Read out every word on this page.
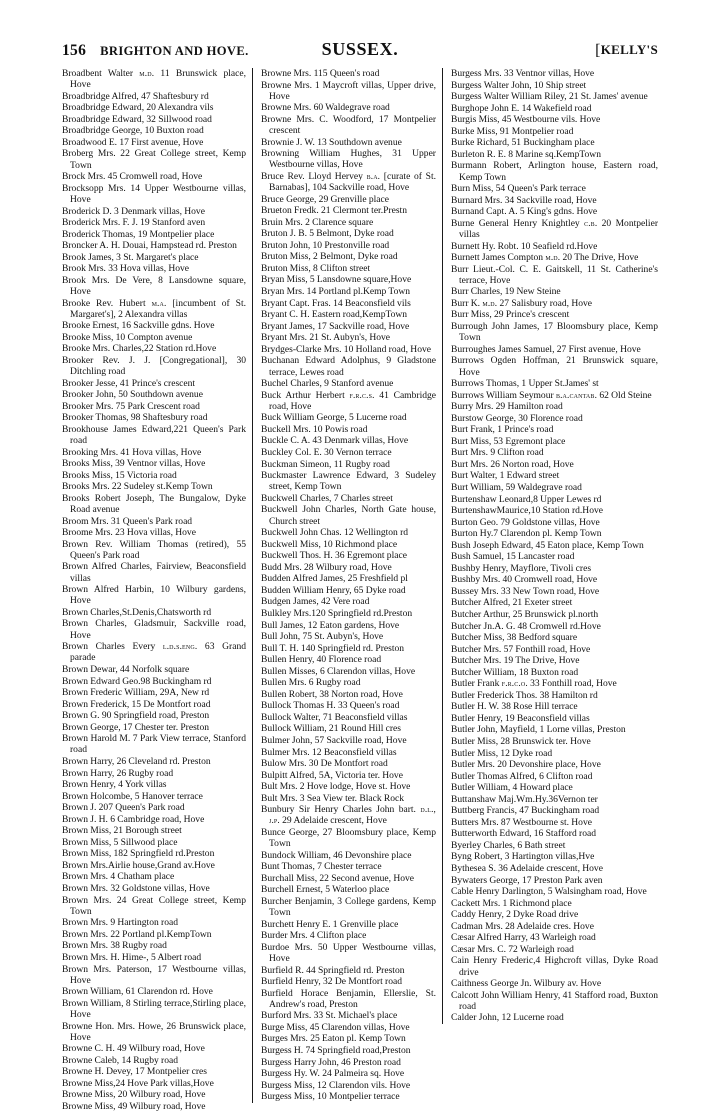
156 BRIGHTON AND HOVE.	SUSSEX.	[KELLY'S

Broadbent Walter m.d. 11 Brunswick place, Hove

Broadbridge Alfred, 47 Shaftesbury rd

Broadbridge Edward, 20 Alexandra vils

Broadbridge Edward, 32 Sillwood road

Broadbridge George, 10 Buxton road

Broadwood E. 17 First avenue, Hove

Broberg Mrs. 22 Great College street, Kemp Town

Brock Mrs. 45 Cromwell road, Hove

Brocksopp Mrs. 14 Upper Westbourne villas, Hove

Broderick D. 3 Denmark villas, Hove

Broderick Mrs. F. J. 19 Stanford aven

Broderick Thomas, 19 Montpelier place

Broncker A. H. Douai, Hampstead rd. Preston

Brook James, 3 St. Margaret's place

Brook Mrs. 33 Hova villas, Hove

Brook Mrs. De Vere, 8 Lansdowne square, Hove

Brooke Rev. Hubert m.a. [incumbent of St. Margaret's], 2 Alexandra villas

Brooke Ernest, 16 Sackville gdns. Hove

Brooke Miss, 10 Compton avenue

Brooke Mrs. Charles,22 Station rd.Hove

Brooker Rev. J. J. [Congregational], 30 Ditchling road

Brooker Jesse, 41 Prince's crescent

Brooker John, 50 Southdown avenue

Brooker Mrs. 75 Park Crescent road

Brooker Thomas, 98 Shaftesbury road

Brookhouse James Edward,221 Queen's Park road

Brooking Mrs. 41 Hova villas, Hove

Brooks Miss, 39 Ventnor villas, Hove

Brooks Miss, 15 Victoria road

Brooks Mrs. 22 Sudeley st.Kemp Town

Brooks Robert Joseph, The Bungalow, Dyke Road avenue

Broom Mrs. 31 Queen's Park road

Broome Mrs. 23 Hova villas, Hove

Brown Rev. William Thomas (retired), 55 Queen's Park road

Brown Alfred Charles, Fairview, Beaconsfield villas

Brown Alfred Harbin, 10 Wilbury gardens, Hove

Brown Charles,St.Denis,Chatsworth rd

Brown Charles, Gladsmuir, Sackville road, Hove

Brown Charles Every l.d.s.eng. 63 Grand parade

Brown Dewar, 44 Norfolk square

Brown Edward Geo.98 Buckingham rd

Brown Frederic William, 29A, New rd

Brown Frederick, 15 De Montfort road

Brown G. 90 Springfield road, Preston

Brown George, 17 Chester ter. Preston

Brown Harold M. 7 Park View terrace, Stanford road

Brown Harry, 26 Cleveland rd. Preston

Brown Harry, 26 Rugby road

Brown Henry, 4 York villas

Brown Holcombe, 5 Hanover terrace

Brown J. 207 Queen's Park road

Brown J. H. 6 Cambridge road, Hove

Brown Miss, 21 Borough street

Brown Miss, 5 Sillwood place

Brown Miss, 182 Springfield rd.Preston

Brown Mrs.Airlie house,Grand av.Hove

Brown Mrs. 4 Chatham place

Brown Mrs. 32 Goldstone villas, Hove

Brown Mrs. 24 Great College street, Kemp Town

Brown Mrs. 9 Hartington road

Brown Mrs. 22 Portland pl.KempTown

Brown Mrs. 38 Rugby road

Brown Mrs. H. Hime-, 5 Albert road

Brown Mrs. Paterson, 17 Westbourne villas, Hove

Brown William, 61 Clarendon rd. Hove

Brown William, 8 Stirling terrace,Stirling place, Hove

Browne Hon. Mrs. Howe, 26 Brunswick place, Hove

Browne C. H. 49 Wilbury road, Hove

Browne Caleb, 14 Rugby road

Browne H. Devey, 17 Montpelier cres

Browne Miss,24 Hove Park villas,Hove

Browne Miss, 20 Wilbury road, Hove

Browne Miss, 49 Wilbury road, Hove

Browne Mrs. 115 Queen's road

Browne Mrs. 1 Maycroft villas, Upper drive, Hove

Browne Mrs. 60 Waldegrave road

Browne Mrs. C. Woodford, 17 Montpelier crescent

Brownie J. W. 13 Southdown avenue

Browning William Hughes, 31 Upper Westbourne villas, Hove

Bruce Rev. Lloyd Hervey b.a. [curate of St. Barnabas], 104 Sackville road, Hove

Bruce George, 29 Grenville place

Brueton Fredk. 21 Clermont ter.Prestn

Bruin Mrs. 2 Clarence square

Bruton J. B. 5 Belmont, Dyke road

Bruton John, 10 Prestonville road

Bruton Miss, 2 Belmont, Dyke road

Bruton Miss, 8 Clifton street

Bryan Miss, 5 Lansdowne square,Hove

Bryan Mrs. 14 Portland pl.Kemp Town

Bryant Capt. Fras. 14 Beaconsfield vils

Bryant C. H. Eastern road,KempTown

Bryant James, 17 Sackville road, Hove

Bryant Mrs. 21 St. Aubyn's, Hove

Brydges-Clarke Mrs. 10 Holland road, Hove

Buchanan Edward Adolphus, 9 Gladstone terrace, Lewes road

Buchel Charles, 9 Stanford avenue

Buck Arthur Herbert f.r.c.s. 41 Cambridge road, Hove

Buck William George, 5 Lucerne road

Buckell Mrs. 10 Powis road

Buckle C. A. 43 Denmark villas, Hove

Buckley Col. E. 30 Vernon terrace

Buckman Simeon, 11 Rugby road

Buckmaster Lawrence Edward, 3 Sudeley street, Kemp Town

Buckwell Charles, 7 Charles street

Buckwell John Charles, North Gate house, Church street

Buckwell John Chas. 12 Wellington rd

Buckwell Miss, 10 Richmond place

Buckwell Thos. H. 36 Egremont place

Budd Mrs. 28 Wilbury road, Hove

Budden Alfred James, 25 Freshfield pl

Budden William Henry, 65 Dyke road

Budgen James, 42 Vere road

Bulkley Mrs.120 Springfield rd.Preston

Bull James, 12 Eaton gardens, Hove

Bull John, 75 St. Aubyn's, Hove

Bull T. H. 140 Springfield rd. Preston

Bullen Henry, 40 Florence road

Bullen Misses, 6 Clarendon villas, Hove

Bullen Mrs. 6 Rugby road

Bullen Robert, 38 Norton road, Hove

Bullock Thomas H. 33 Queen's road

Bullock Walter, 71 Beaconsfield villas

Bullock William, 21 Round Hill cres

Bulmer John, 57 Sackville road, Hove

Bulmer Mrs. 12 Beaconsfield villas

Bulow Mrs. 30 De Montfort road

Bulpitt Alfred, 5A, Victoria ter. Hove

Bult Mrs. 2 Hove lodge, Hove st. Hove

Bult Mrs. 3 Sea View ter. Black Rock

Bunbury Sir Henry Charles John bart. d.l., j.p. 29 Adelaide crescent, Hove

Bunce George, 27 Bloomsbury place, Kemp Town

Bundock William, 46 Devonshire place

Bunt Thomas, 7 Chester terrace

Burchall Miss, 22 Second avenue, Hove

Burchell Ernest, 5 Waterloo place

Burcher Benjamin, 3 College gardens, Kemp Town

Burchett Henry E. 1 Grenville place

Burder Mrs. 4 Clifton place

Burdoe Mrs. 50 Upper Westbourne villas, Hove

Burfield R. 44 Springfield rd. Preston

Burfield Henry, 32 De Montfort road

Burfield Horace Benjamin, Ellerslie, St. Andrew's road, Preston

Burford Mrs. 33 St. Michael's place

Burge Miss, 45 Clarendon villas, Hove

Burges Mrs. 25 Eaton pl. Kemp Town

Burgess H. 74 Springfield road,Preston

Burgess Harry John, 46 Preston road

Burgess Hy. W. 24 Palmeira sq. Hove

Burgess Miss, 12 Clarendon vils. Hove

Burgess Miss, 10 Montpelier terrace

Burgess Mrs. 33 Ventnor villas, Hove

Burgess Walter John, 10 Ship street

Burgess Walter William Riley, 21 St. James' avenue

Burghope John E. 14 Wakefield road

Burgis Miss, 45 Westbourne vils. Hove

Burke Miss, 91 Montpelier road

Burke Richard, 51 Buckingham place

Burleton R. E. 8 Marine sq.KempTown

Burmann Robert, Arlington house, Eastern road, Kemp Town

Burn Miss, 54 Queen's Park terrace

Burnard Mrs. 34 Sackville road, Hove

Burnand Capt. A. 5 King's gdns. Hove

Burne General Henry Knightley c.b. 20 Montpelier villas

Burnett Hy. Robt. 10 Seafield rd.Hove

Burnett James Compton m.d. 20 The Drive, Hove

Burr Lieut.-Col. C. E. Gaitskell, 11 St. Catherine's terrace, Hove

Burr Charles, 19 New Steine

Burr K. m.d. 27 Salisbury road, Hove

Burr Miss, 29 Prince's crescent

Burrough John James, 17 Bloomsbury place, Kemp Town

Burroughes James Samuel, 27 First avenue, Hove

Burrows Ogden Hoffman, 21 Brunswick square, Hove

Burrows Thomas, 1 Upper St.James' st

Burrows William Seymour b.a.cantab. 62 Old Steine

Burry Mrs. 29 Hamilton road

Burstow George, 30 Florence road

Burt Frank, 1 Prince's road

Burt Miss, 53 Egremont place

Burt Mrs. 9 Clifton road

Burt Mrs. 26 Norton road, Hove

Burt Walter, 1 Edward street

Burt William, 59 Waldegrave road

Burtenshaw Leonard,8 Upper Lewes rd

BurtenshawMaurice,10 Station rd.Hove

Burton Geo. 79 Goldstone villas, Hove

Burton Hy.7 Clarendon pl. Kemp Town

Bush Joseph Edward, 45 Eaton place, Kemp Town

Bush Samuel, 15 Lancaster road

Bushby Henry, Mayflore, Tivoli cres

Bushby Mrs. 40 Cromwell road, Hove

Bussey Mrs. 33 New Town road, Hove

Butcher Alfred, 21 Exeter street

Butcher Arthur, 25 Brunswick pl.north

Butcher Jn.A. G. 48 Cromwell rd.Hove

Butcher Miss, 38 Bedford square

Butcher Mrs. 57 Fonthill road, Hove

Butcher Mrs. 19 The Drive, Hove

Butcher William, 18 Buxton road

Butler Frank f.r.c.o. 33 Fonthill road, Hove

Butler Frederick Thos. 38 Hamilton rd

Butler H. W. 38 Rose Hill terrace

Butler Henry, 19 Beaconsfield villas

Butler John, Mayfield, 1 Lorne villas, Preston

Butler Miss, 28 Brunswick ter. Hove

Butler Miss, 12 Dyke road

Butler Mrs. 20 Devonshire place, Hove

Butler Thomas Alfred, 6 Clifton road

Butler William, 4 Howard place

Buttanshaw Maj.Wm.Hy.36Vernon ter

Buttberg Francis, 47 Buckingham road

Butters Mrs. 87 Westbourne st. Hove

Butterworth Edward, 16 Stafford road

Byerley Charles, 6 Bath street

Byng Robert, 3 Hartington villas,Hve

Bythesea S. 36 Adelaide crescent, Hove

Bywaters George, 17 Preston Park aven

Cable Henry Darlington, 5 Walsingham road, Hove

Cackett Mrs. 1 Richmond place

Caddy Henry, 2 Dyke Road drive

Cadman Mrs. 28 Adelaide cres. Hove

Cæsar Alfred Harry, 43 Warleigh road

Cæsar Mrs. C. 72 Warleigh road

Cain Henry Frederic,4 Highcroft villas, Dyke Road drive

Caithness George Jn. Wilbury av. Hove

Calcott John William Henry, 41 Stafford road, Buxton road

Calder John, 12 Lucerne road
